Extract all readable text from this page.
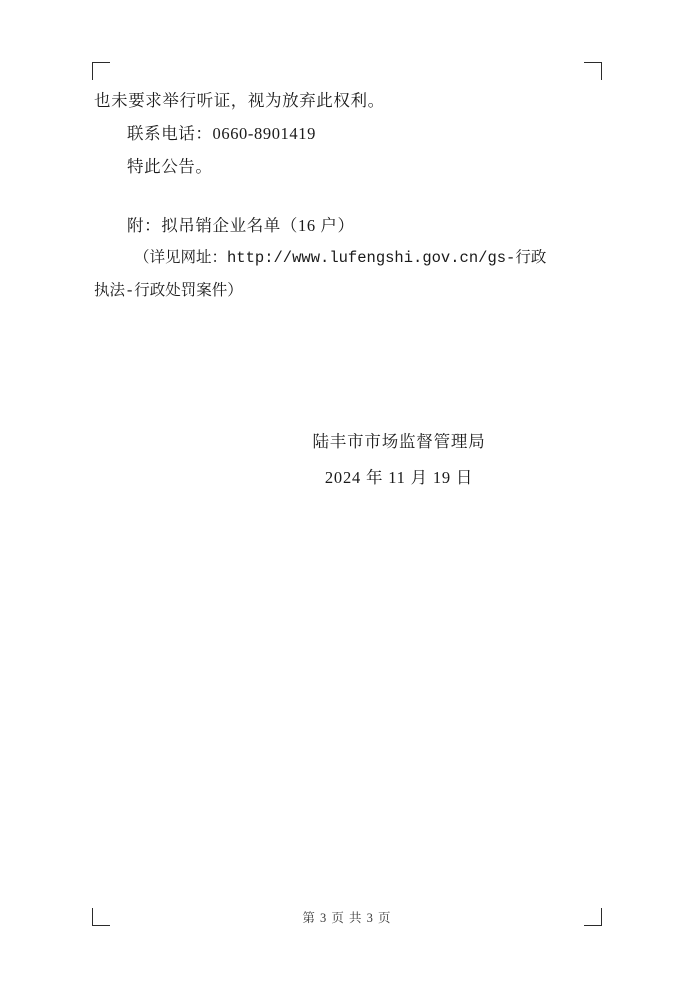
也未要求举行听证，视为放弃此权利。
联系电话：0660-8901419
特此公告。
附：拟吊销企业名单（16 户）
（详见网址：http://www.lufengshi.gov.cn/gs-行政
执法-行政处罚案件）
陆丰市市场监督管理局
2024 年 11 月 19 日
第 3 页 共 3 页
